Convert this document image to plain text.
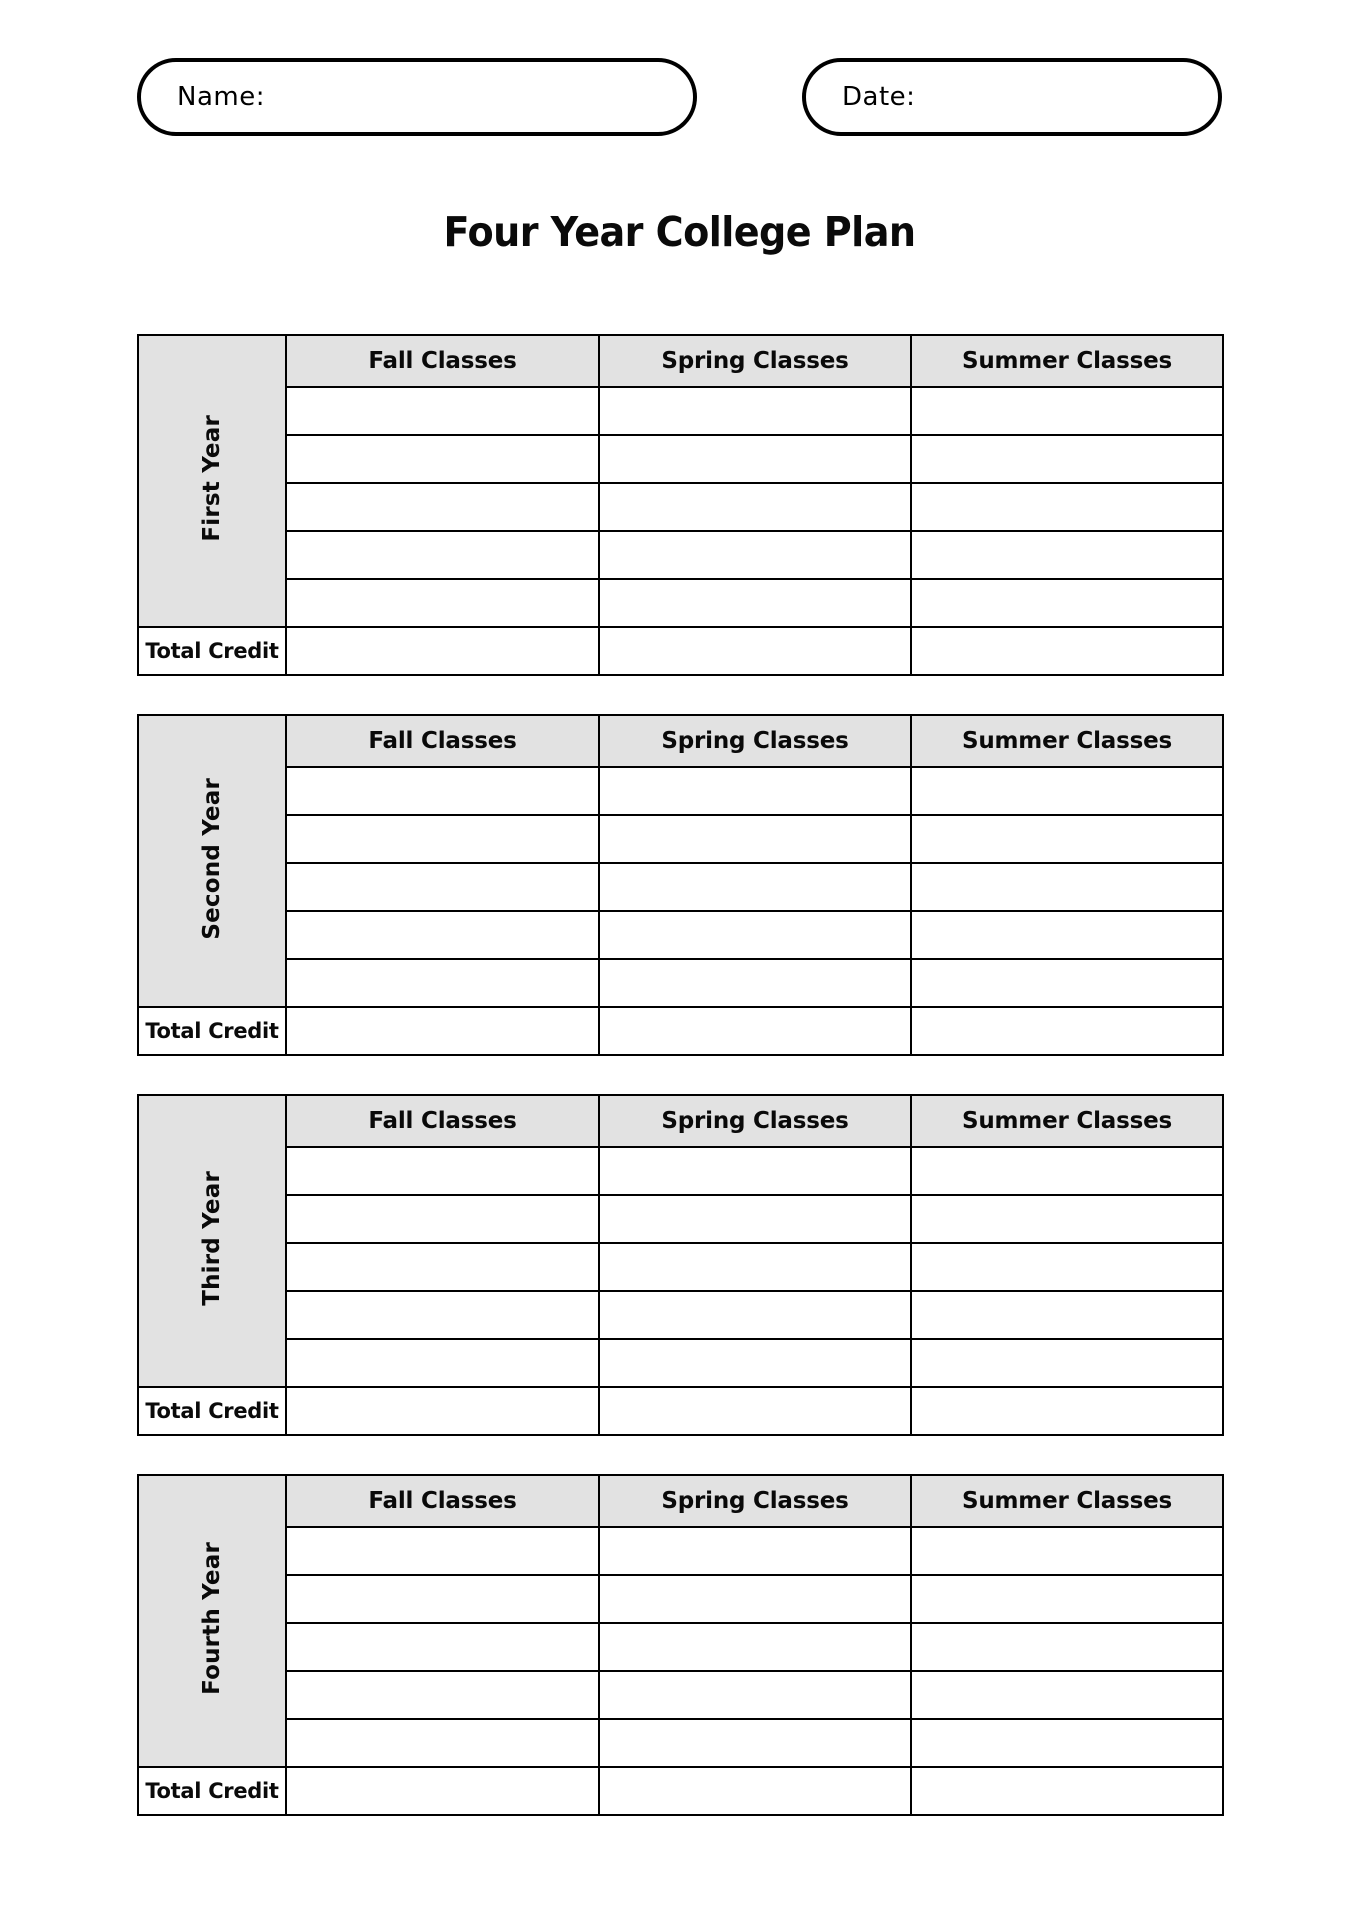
Name:	Date:
Four Year College Plan
First Year	Fall Classes	Spring Classes	Summer Classes

Total Credit			
Second Year	Fall Classes	Spring Classes	Summer Classes

Total Credit			
Third Year	Fall Classes	Spring Classes	Summer Classes

Total Credit			
Fourth Year	Fall Classes	Spring Classes	Summer Classes

Total Credit			
